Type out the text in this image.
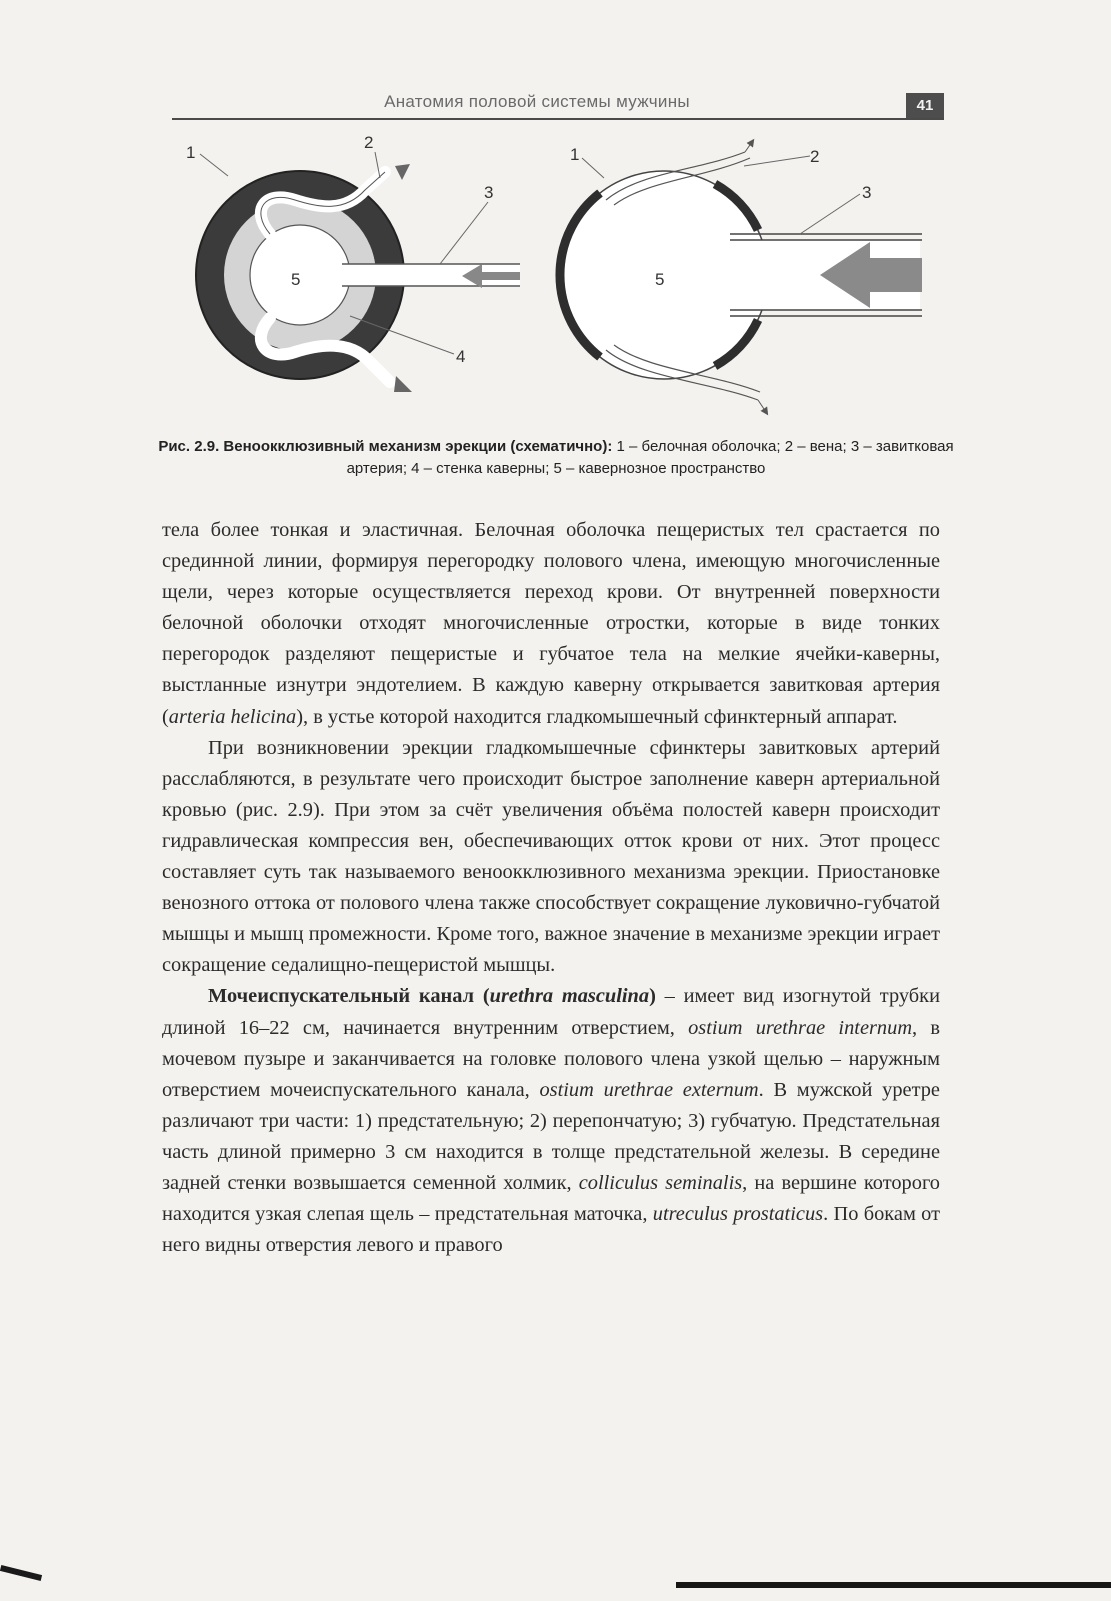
Анатомия половой системы мужчины	41
1
2
3
4
5
1	2
3
5
Рис. 2.9. Веноокклюзивный механизм эрекции (схематично): 1 – белочная оболочка; 2 – вена; 3 – завитковая артерия; 4 – стенка каверны; 5 – кавернозное пространство

тела более тонкая и эластичная. Белочная оболочка пещеристых тел срастается по срединной линии, формируя перегородку полового члена, имеющую многочисленные щели, через которые осуществляется переход крови. От внутренней поверхности белочной оболочки отходят многочисленные отростки, которые в виде тонких перегородок разделяют пещеристые и губчатое тела на мелкие ячейки-каверны, выстланные изнутри эндотелием. В каждую каверну открывается завитковая артерия (arteria helicina), в устье которой находится гладкомышечный сфинктерный аппарат.

При возникновении эрекции гладкомышечные сфинктеры завитковых артерий расслабляются, в результате чего происходит быстрое заполнение каверн артериальной кровью (рис. 2.9). При этом за счёт увеличения объёма полостей каверн происходит гидравлическая компрессия вен, обеспечивающих отток крови от них. Этот процесс составляет суть так называемого веноокклюзивного механизма эрекции. Приостановке венозного оттока от полового члена также способствует сокращение луковично-губчатой мышцы и мышц промежности. Кроме того, важное значение в механизме эрекции играет сокращение седалищно-пещеристой мышцы.

Мочеиспускательный канал (urethra masculina) – имеет вид изогнутой трубки длиной 16–22 см, начинается внутренним отверстием, ostium urethrae internum, в мочевом пузыре и заканчивается на головке полового члена узкой щелью – наружным отверстием мочеиспускательного канала, ostium urethrae externum. В мужской уретре различают три части: 1) предстательную; 2) перепончатую; 3) губчатую. Предстательная часть длиной примерно 3 см находится в толще предстательной железы. В середине задней стенки возвышается семенной холмик, colliculus seminalis, на вершине которого находится узкая слепая щель – предстательная маточка, utreculus prostaticus. По бокам от него видны отверстия левого и правого
